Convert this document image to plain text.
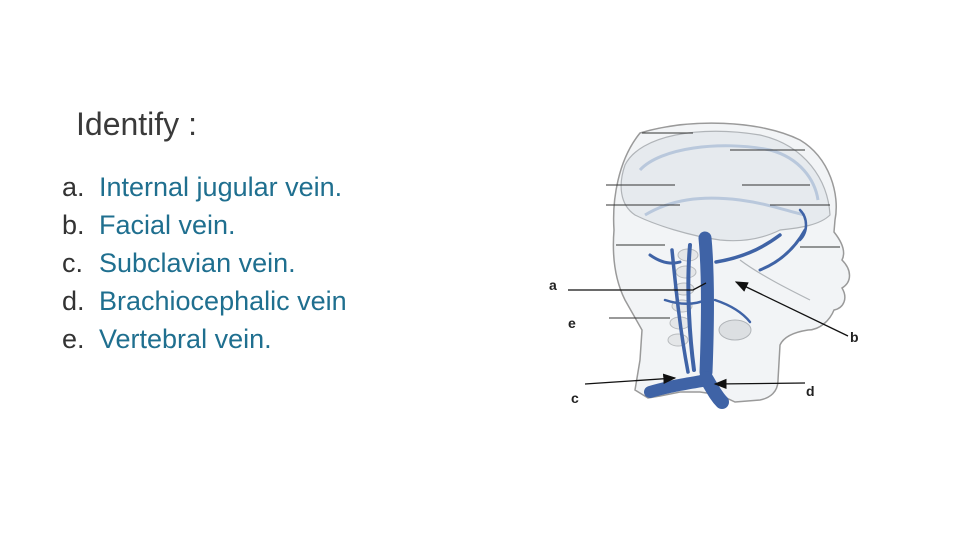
Identify :
a. Internal jugular vein.
b. Facial vein.
c. Subclavian vein.
d. Brachiocephalic vein
e. Vertebral vein.
a
e
b
c	d
